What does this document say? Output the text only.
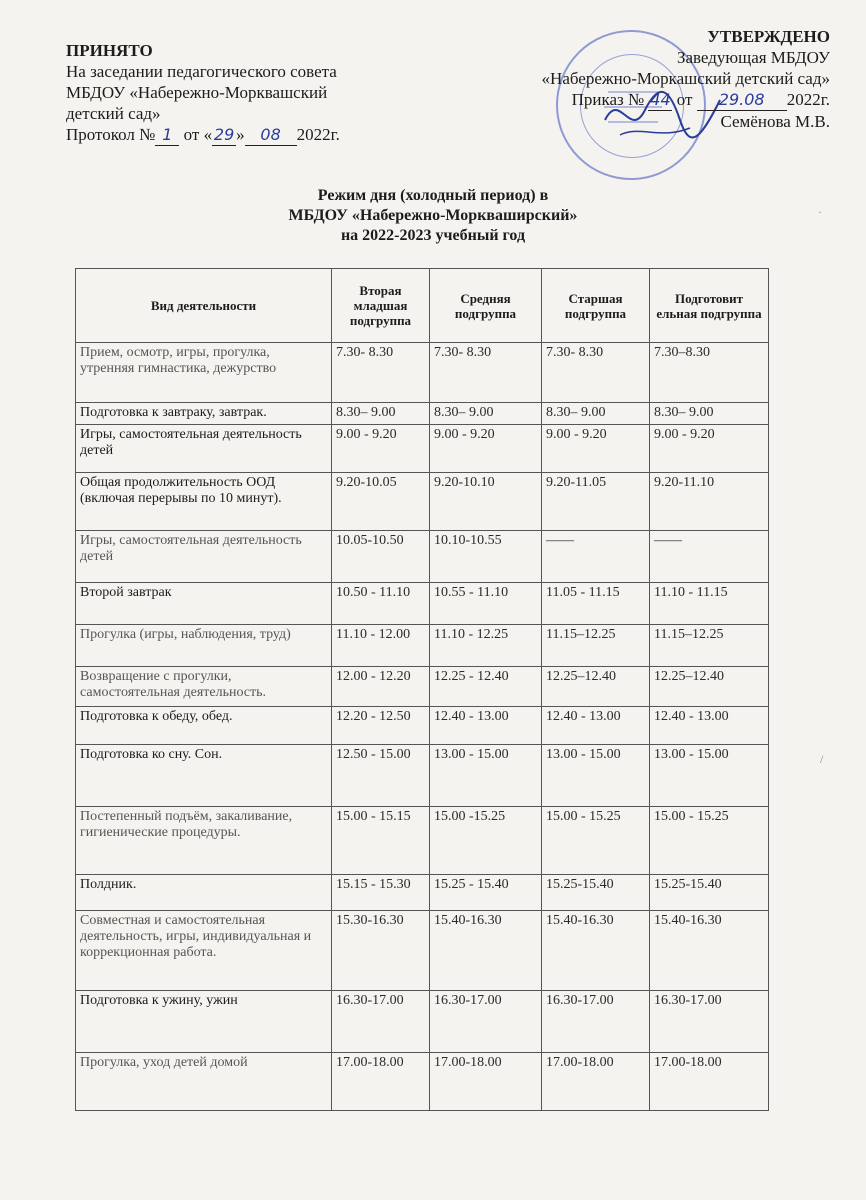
ПРИНЯТО
На заседании педагогического совета
МБДОУ «Набережно-Морквашский
детский сад»
Протокол № 1 от « 29 » 08 2022г.
УТВЕРЖДЕНО
Заведующая МБДОУ
«Набережно-Моркашский детский сад»
Приказ № 44 от 29.08 2022г.
Семёнова М.В.
Режим дня (холодный период) в
МБДОУ «Набережно-Моркваширский»
на 2022-2023 учебный год
Вид деятельности	Вторая младшая подгруппа	Средняя подгруппа	Старшая подгруппа	Подготовит ельная подгруппа
Прием, осмотр, игры, прогулка, утренняя гимнастика, дежурство	7.30- 8.30	7.30- 8.30	7.30- 8.30	7.30–8.30
Подготовка к завтраку, завтрак.	8.30– 9.00	8.30– 9.00	8.30– 9.00	8.30– 9.00
Игры, самостоятельная деятельность детей	9.00 - 9.20	9.00 - 9.20	9.00 - 9.20	9.00 - 9.20
Общая продолжительность ООД (включая перерывы по 10 минут).	9.20-10.05	9.20-10.10	9.20-11.05	9.20-11.10
Игры, самостоятельная деятельность детей	10.05-10.50	10.10-10.55	——	——
Второй завтрак	10.50 - 11.10	10.55 - 11.10	11.05 - 11.15	11.10 - 11.15
Прогулка (игры, наблюдения, труд)	11.10 - 12.00	11.10 - 12.25	11.15–12.25	11.15–12.25
Возвращение с прогулки, самостоятельная деятельность.	12.00 - 12.20	12.25 - 12.40	12.25–12.40	12.25–12.40
Подготовка к обеду, обед.	12.20 - 12.50	12.40 - 13.00	12.40 - 13.00	12.40 - 13.00
Подготовка ко сну. Сон.	12.50 - 15.00	13.00 - 15.00	13.00 - 15.00	13.00 - 15.00
Постепенный подъём, закаливание, гигиенические процедуры.	15.00 - 15.15	15.00 -15.25	15.00 - 15.25	15.00 - 15.25
Полдник.	15.15 - 15.30	15.25 - 15.40	15.25-15.40	15.25-15.40
Совместная и самостоятельная деятельность, игры, индивидуальная и коррекционная работа.	15.30-16.30	15.40-16.30	15.40-16.30	15.40-16.30
Подготовка к ужину, ужин	16.30-17.00	16.30-17.00	16.30-17.00	16.30-17.00
Прогулка, уход детей домой	17.00-18.00	17.00-18.00	17.00-18.00	17.00-18.00
·
/
